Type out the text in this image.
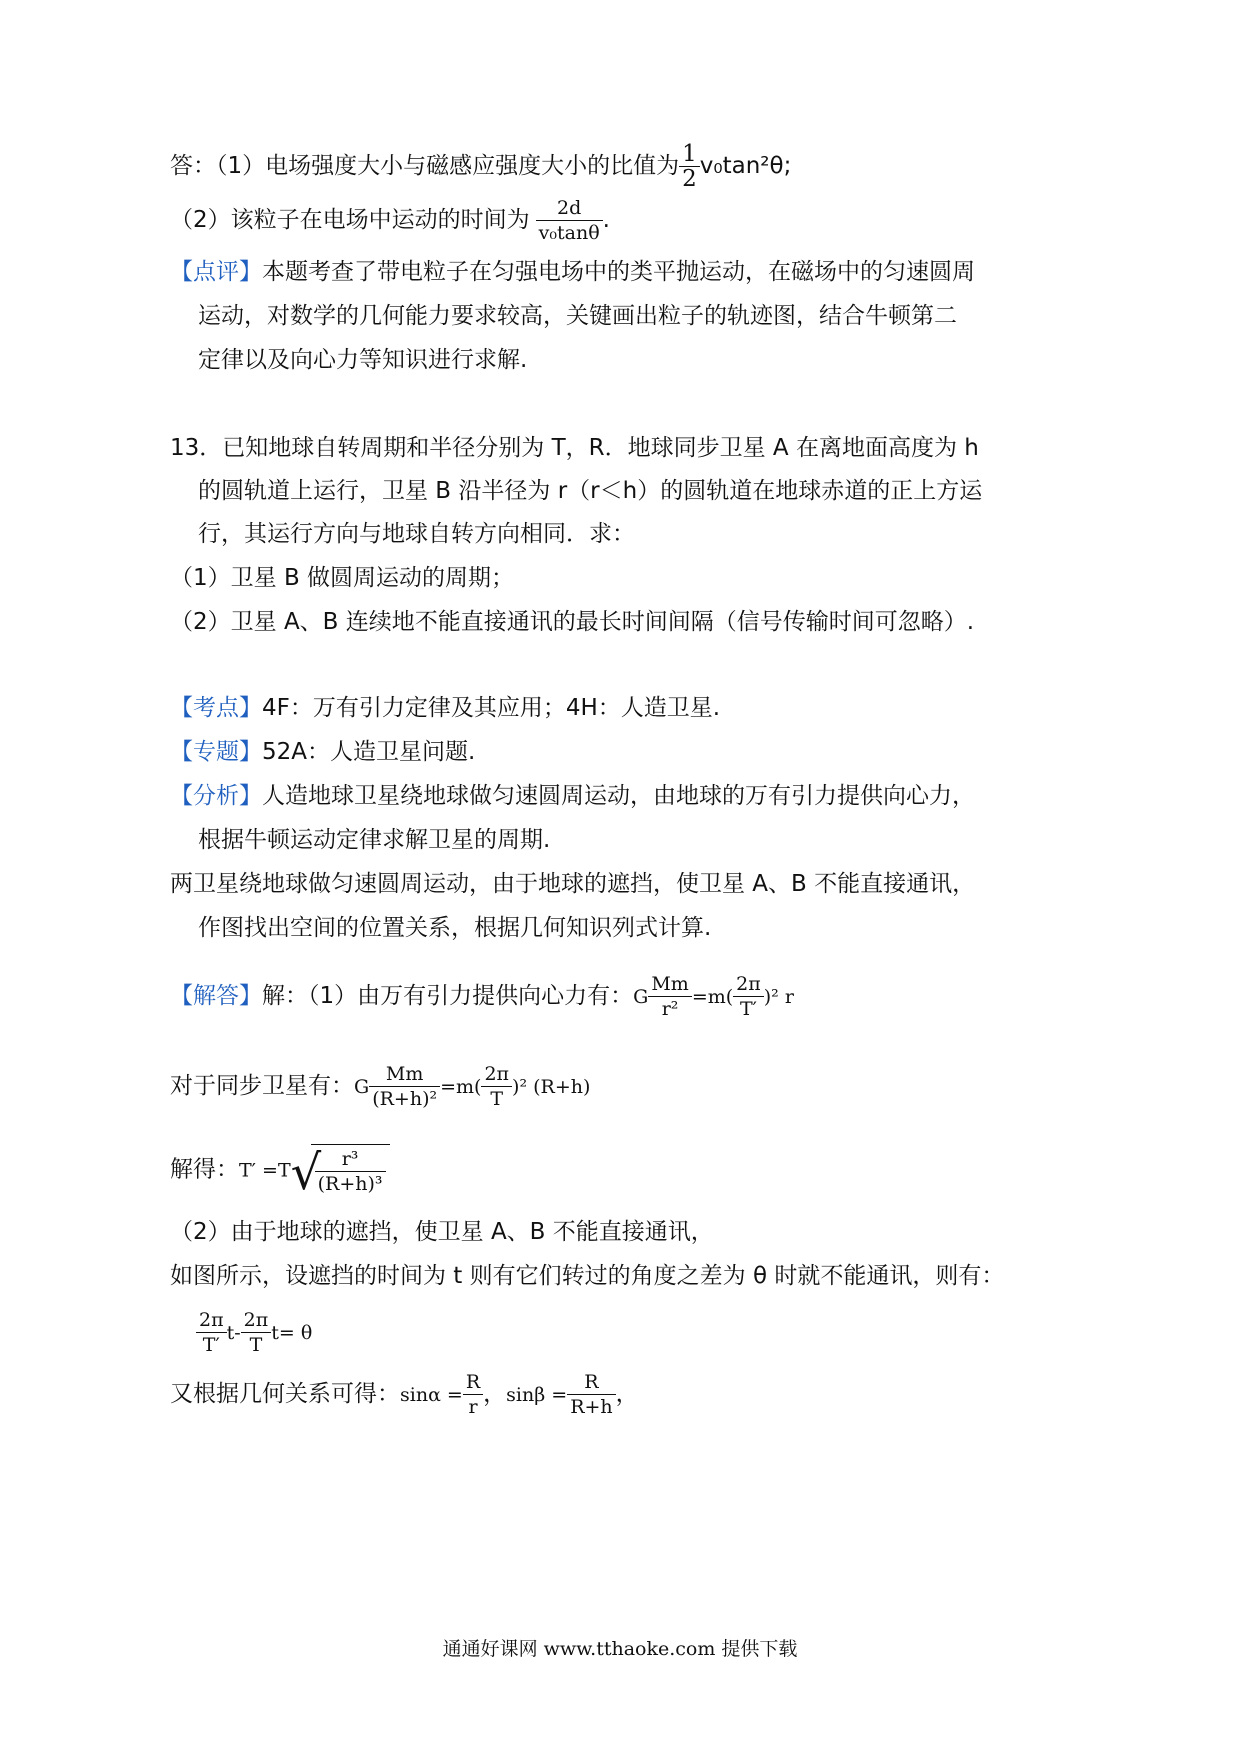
答：（1）电场强度大小与磁感应强度大小的比值为 $\frac{1}{2} v_0\tan^2\theta$;
（2）该粒子在电场中运动的时间为 $\frac{2d}{\text{v₀tanθ}}$ .
【点评】本题考查了带电粒子在匀强电场中的类平抛运动，在磁场中的匀速圆周
运动，对数学的几何能力要求较高，关键画出粒子的轨迹图，结合牛顿第二
定律以及向心力等知识进行求解.
13．已知地球自转周期和半径分别为 T，R．地球同步卫星 A 在离地面高度为 h
的圆轨道上运行，卫星 B 沿半径为 r（r＜h）的圆轨道在地球赤道的正上方运
行，其运行方向与地球自转方向相同．求：
（1）卫星 B 做圆周运动的周期；
（2）卫星 A、B 连续地不能直接通讯的最长时间间隔（信号传输时间可忽略）.
【考点】4F：万有引力定律及其应用；4H：人造卫星.
【专题】52A：人造卫星问题.
【分析】人造地球卫星绕地球做匀速圆周运动，由地球的万有引力提供向心力，
根据牛顿运动定律求解卫星的周期.
两卫星绕地球做匀速圆周运动，由于地球的遮挡，使卫星 A、B 不能直接通讯，
作图找出空间的位置关系，根据几何知识列式计算.
【解答】解：（1）由万有引力提供向心力有：G $\frac{Mm}{\text{r²}} =m( \frac{2\pi}{T'} )^2$ r
对于同步卫星有：G $\frac{Mm}{\text{(R+h)²}} =m( \frac{2\pi}{T} )^2$ (R+h)
解得：T′ =T √
$\frac{\text{r³}}{\text{(R+h)³}}$
（2）由于地球的遮挡，使卫星 A、B 不能直接通讯，
如图所示，设遮挡的时间为 t 则有它们转过的角度之差为 θ 时就不能通讯，则有：
$\frac{2\pi}{T'} t- \frac{2\pi}{T} t= \theta$
又根据几何关系可得：$\sin\alpha = \frac{R}{r}$ ，$\sin\beta = \frac{R}{R+h}$ ，
通通好课网 www.tthaoke.com 提供下载
